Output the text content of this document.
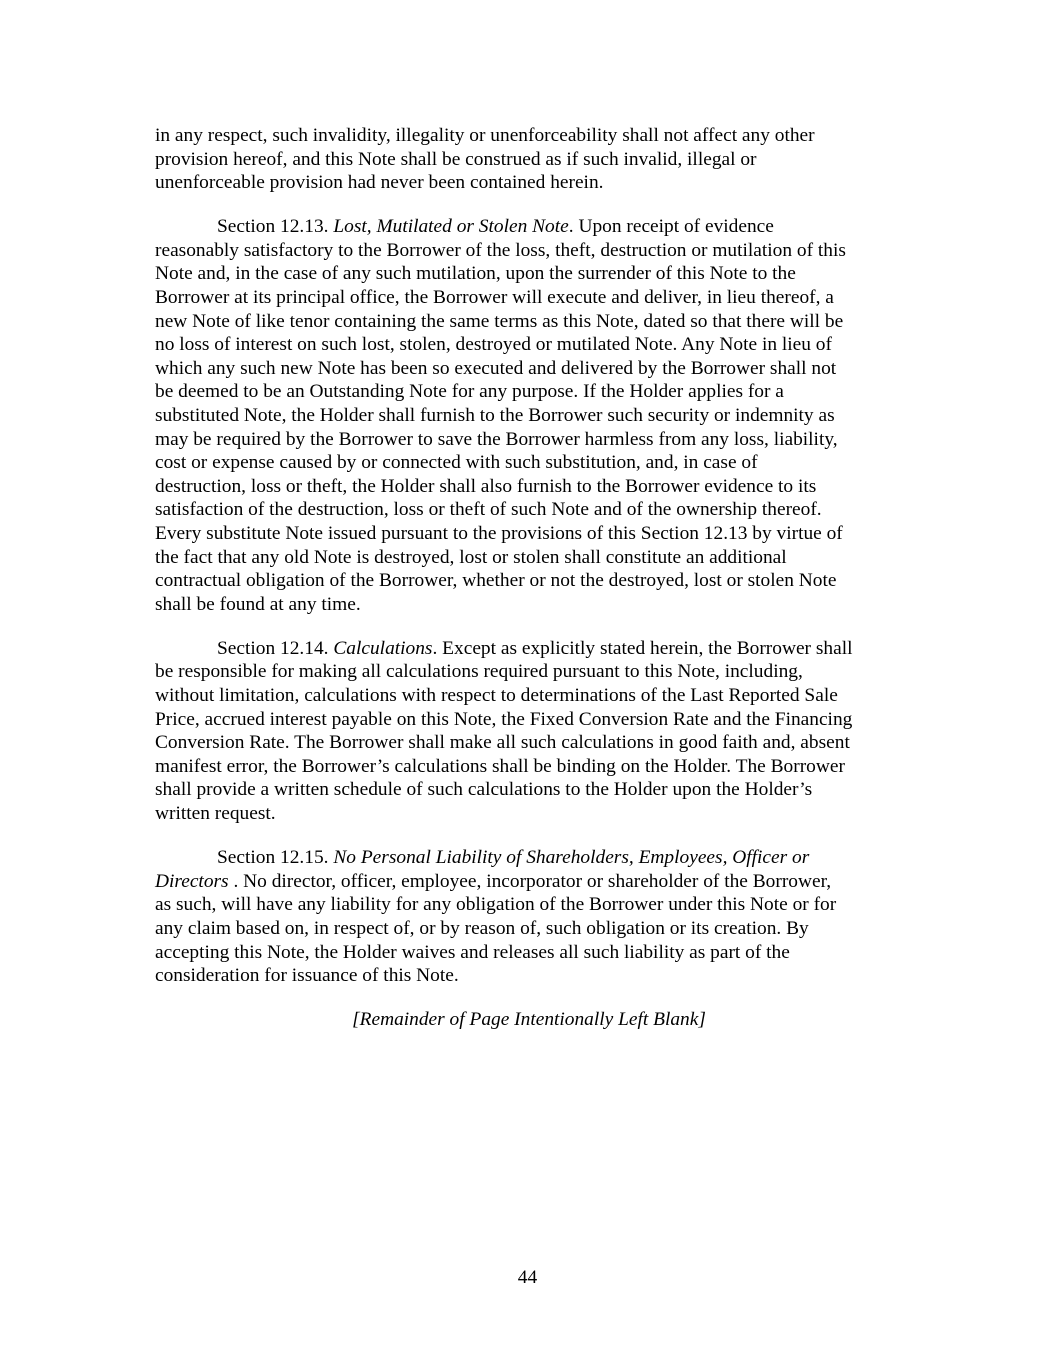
in any respect, such invalidity, illegality or unenforceability shall not affect any other
provision hereof, and this Note shall be construed as if such invalid, illegal or
unenforceable provision had never been contained herein.

Section 12.13. Lost, Mutilated or Stolen Note. Upon receipt of evidence
reasonably satisfactory to the Borrower of the loss, theft, destruction or mutilation of this
Note and, in the case of any such mutilation, upon the surrender of this Note to the
Borrower at its principal office, the Borrower will execute and deliver, in lieu thereof, a
new Note of like tenor containing the same terms as this Note, dated so that there will be
no loss of interest on such lost, stolen, destroyed or mutilated Note. Any Note in lieu of
which any such new Note has been so executed and delivered by the Borrower shall not
be deemed to be an Outstanding Note for any purpose. If the Holder applies for a
substituted Note, the Holder shall furnish to the Borrower such security or indemnity as
may be required by the Borrower to save the Borrower harmless from any loss, liability,
cost or expense caused by or connected with such substitution, and, in case of
destruction, loss or theft, the Holder shall also furnish to the Borrower evidence to its
satisfaction of the destruction, loss or theft of such Note and of the ownership thereof.
Every substitute Note issued pursuant to the provisions of this Section 12.13 by virtue of
the fact that any old Note is destroyed, lost or stolen shall constitute an additional
contractual obligation of the Borrower, whether or not the destroyed, lost or stolen Note
shall be found at any time.

Section 12.14. Calculations. Except as explicitly stated herein, the Borrower shall
be responsible for making all calculations required pursuant to this Note, including,
without limitation, calculations with respect to determinations of the Last Reported Sale
Price, accrued interest payable on this Note, the Fixed Conversion Rate and the Financing
Conversion Rate. The Borrower shall make all such calculations in good faith and, absent
manifest error, the Borrower’s calculations shall be binding on the Holder. The Borrower
shall provide a written schedule of such calculations to the Holder upon the Holder’s
written request.

Section 12.15. No Personal Liability of Shareholders, Employees, Officer or
Directors . No director, officer, employee, incorporator or shareholder of the Borrower,
as such, will have any liability for any obligation of the Borrower under this Note or for
any claim based on, in respect of, or by reason of, such obligation or its creation. By
accepting this Note, the Holder waives and releases all such liability as part of the
consideration for issuance of this Note.

[Remainder of Page Intentionally Left Blank]

44
